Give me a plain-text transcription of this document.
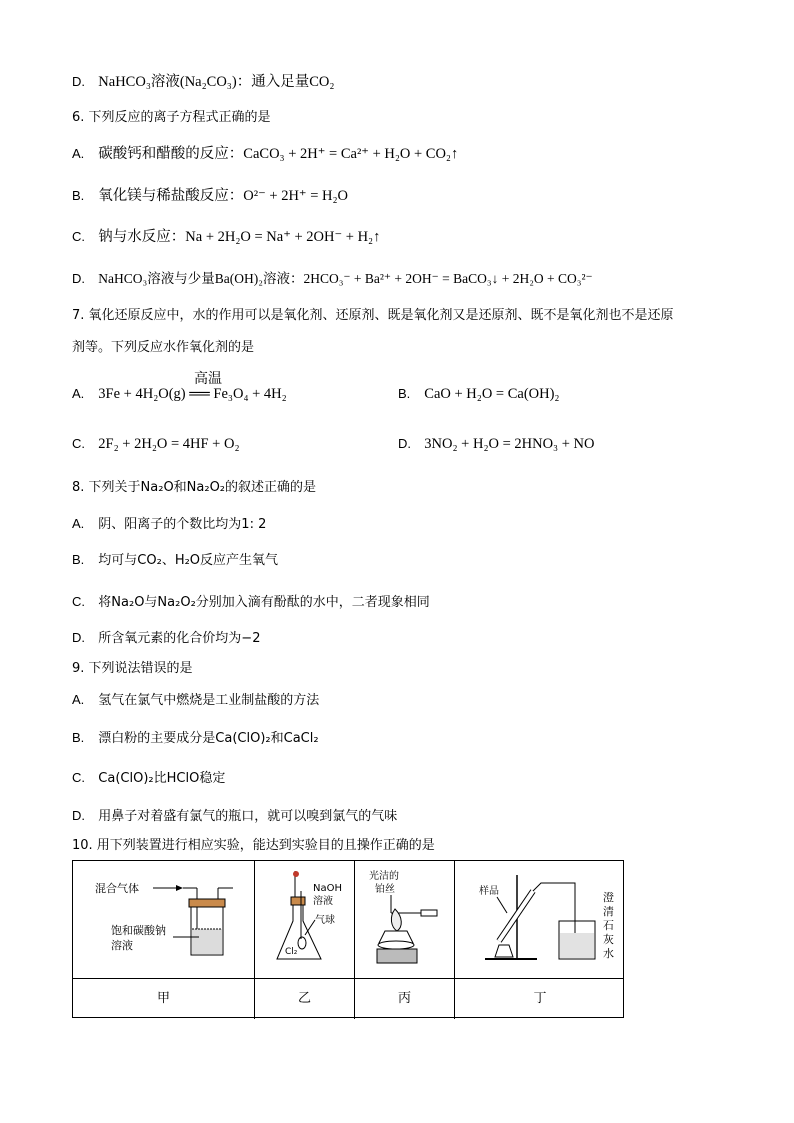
D. NaHCO₃溶液(Na₂CO₃)：通入足量CO₂
6. 下列反应的离子方程式正确的是
A. 碳酸钙和醋酸的反应：CaCO₃ + 2H⁺ = Ca²⁺ + H₂O + CO₂↑
B. 氧化镁与稀盐酸反应：O²⁻ + 2H⁺ = H₂O
C. 钠与水反应：Na + 2H₂O = Na⁺ + 2OH⁻ + H₂↑
D. NaHCO₃溶液与少量Ba(OH)₂溶液：2HCO₃⁻ + Ba²⁺ + 2OH⁻ = BaCO₃↓ + 2H₂O + CO₃²⁻
7. 氧化还原反应中，水的作用可以是氧化剂、还原剂、既是氧化剂又是还原剂、既不是氧化剂也不是还原
剂等。下列反应水作氧化剂的是
A. 3Fe + 4H₂O(g) ══ Fe₃O₄ + 4H₂
高温
B. CaO + H₂O = Ca(OH)₂
C. 2F₂ + 2H₂O = 4HF + O₂	D. 3NO₂ + H₂O = 2HNO₃ + NO
8. 下列关于Na₂O和Na₂O₂的叙述正确的是
A. 阴、阳离子的个数比均为1: 2
B. 均可与CO₂、H₂O反应产生氧气
C. 将Na₂O与Na₂O₂分别加入滴有酚酞的水中，二者现象相同
D. 所含氧元素的化合价均为−2
9. 下列说法错误的是
A. 氢气在氯气中燃烧是工业制盐酸的方法
B. 漂白粉的主要成分是Ca(ClO)₂和CaCl₂
C. Ca(ClO)₂比HClO稳定
D. 用鼻子对着盛有氯气的瓶口，就可以嗅到氯气的气味
10. 用下列装置进行相应实验，能达到实验目的且操作正确的是
混合气体
饱和碳酸钠
溶液
NaOH
溶液
气球
Cl₂
光洁的
铂丝	样品	澄清石灰水
甲	乙	丙	丁
